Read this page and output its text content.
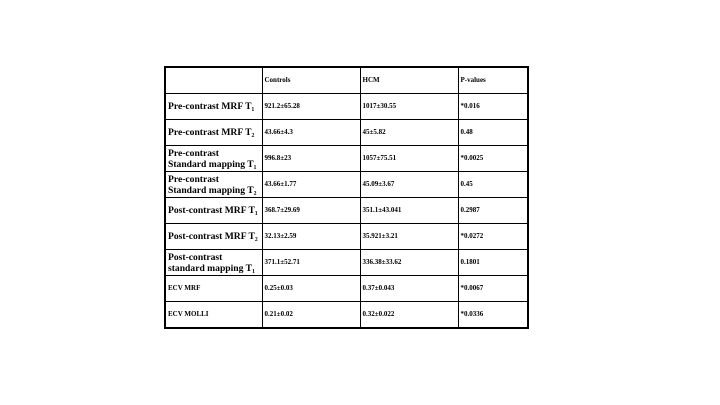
	Controls	HCM	P-values

Pre-contrast MRF T₁	921.2±65.28	1017±30.55	*0.016

Pre-contrast MRF T₂	43.66±4.3	45±5.82	0.48

Pre-contrast
Standard mapping T₁	996.8±23	1057±75.51	*0.0025

Pre-contrast
Standard mapping T₂	43.66±1.77	45.09±3.67	0.45

Post-contrast MRF T₁	368.7±29.69	351.1±43.041	0.2987

Post-contrast MRF T₂	32.13±2.59	35.921±3.21	*0.0272

Post-contrast
standard mapping T₁	371.1±52.71	336.38±33.62	0.1801

ECV MRF	0.25±0.03	0.37±0.043	*0.0067

ECV MOLLI	0.21±0.02	0.32±0.022	*0.0336
